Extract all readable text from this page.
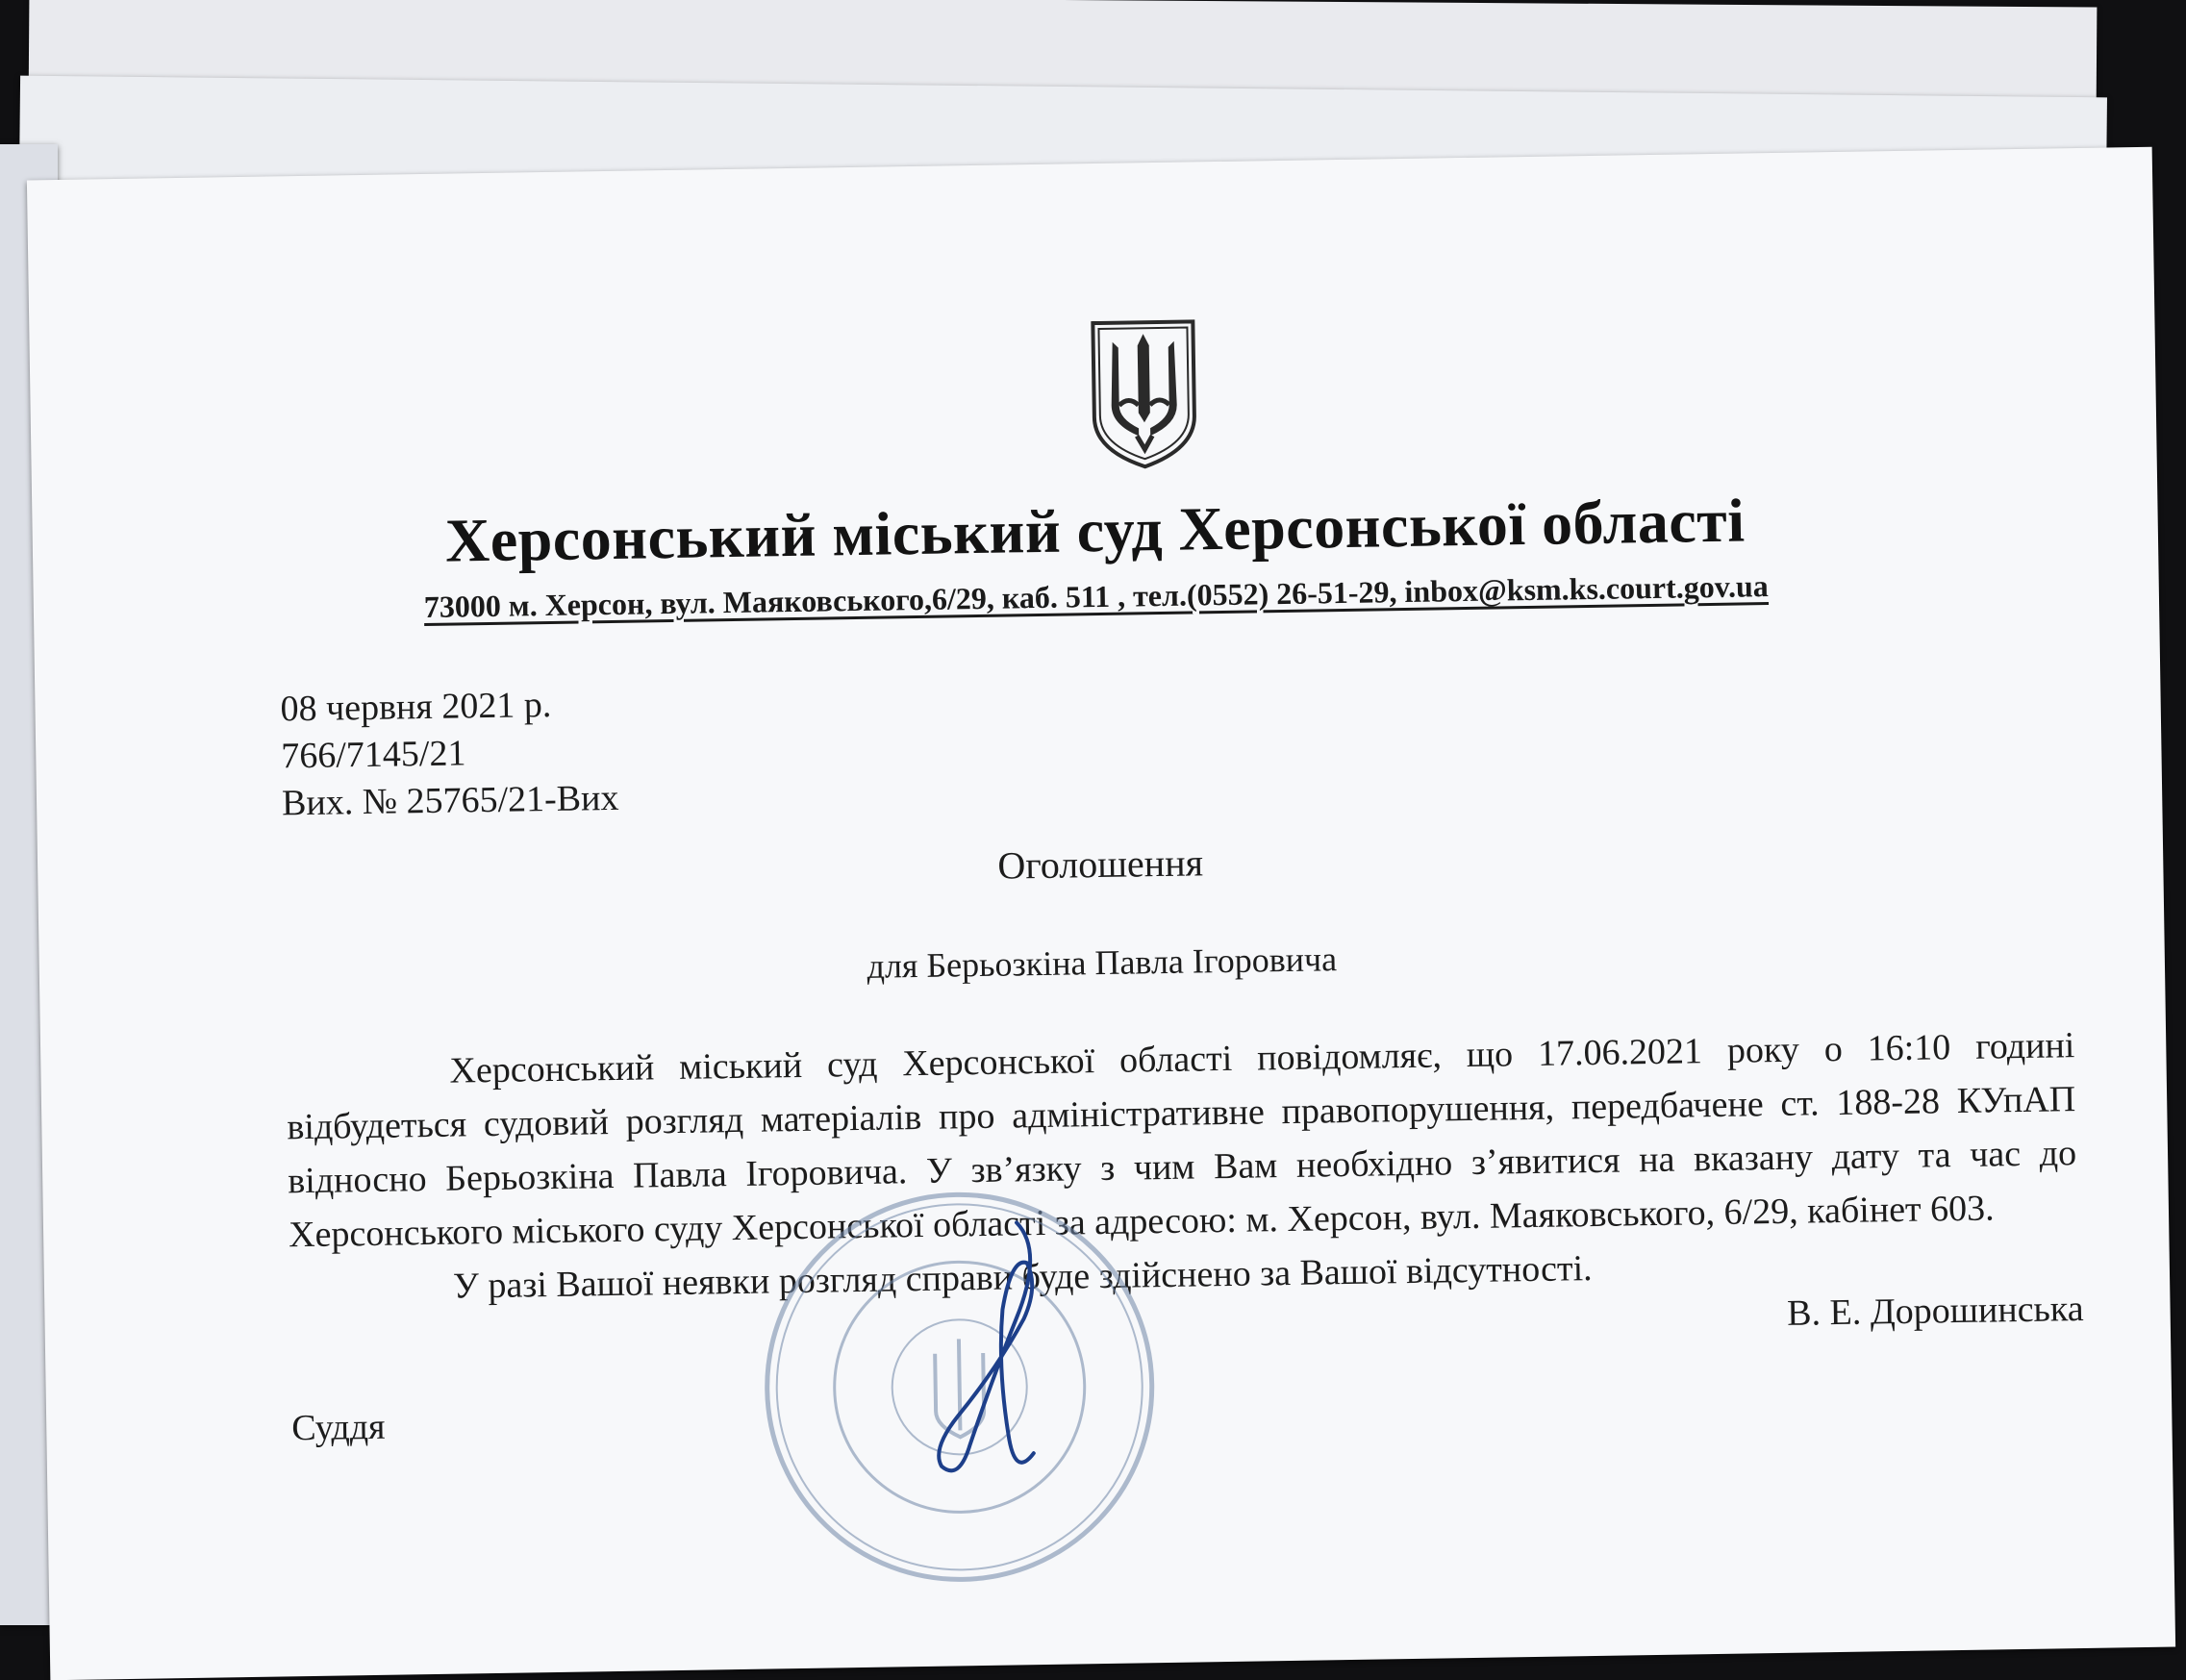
Херсонський міський суд Херсонської області
73000 м. Херсон, вул. Маяковського,6/29, каб. 511 , тел.(0552) 26-51-29, inbox@ksm.ks.court.gov.ua
08 червня 2021 р.
766/7145/21
Вих. № 25765/21-Вих
Оголошення
для Берьозкіна Павла Ігоровича

Херсонський міський суд Херсонської області повідомляє, що 17.06.2021 року о 16:10 годині відбудеться судовий розгляд матеріалів про адміністративне правопорушення, передбачене ст. 188-28 КУпАП відносно Берьозкіна Павла Ігоровича. У зв’язку з чим Вам необхідно з’явитися на вказану дату та час до Херсонського міського суду Херсонської області за адресою: м. Херсон, вул. Маяковського, 6/29, кабінет 603.

У разі Вашої неявки розгляд справи буде здійснено за Вашої відсутності.

В. Е. Дорошинська
Суддя
